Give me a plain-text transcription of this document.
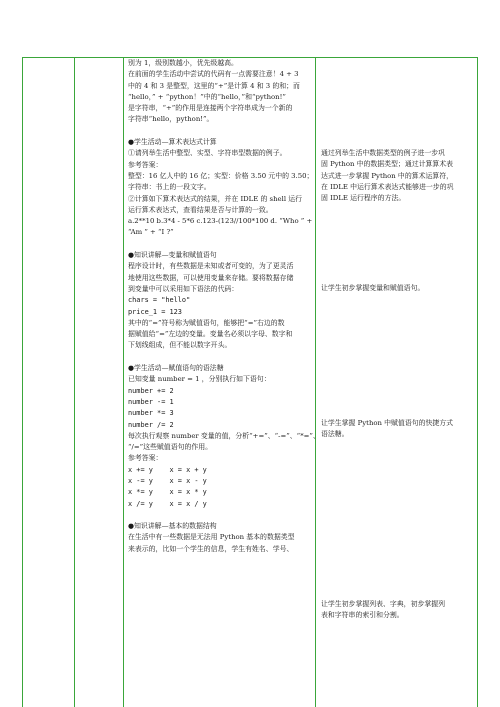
别为 1，级别数越小，优先级越高。

在前面的学生活动中尝试的代码有一点需要注意！4 + 3

中的 4 和 3 是整型，这里的“+”是计算 4 和 3 的和；而

“hello，” + “python！”中的“hello，”和“python!”

是字符串，“+”的作用是连接两个字符串成为一个新的

字符串“hello，python!”。

●学生活动—算术表达式计算

①请列举生活中整型、实型、字符串型数据的例子。

参考答案：

整型：16 亿人中的 16 亿；实型：价格 3.50 元中的 3.50；

字符串：书上的一段文字。

②计算如下算术表达式的结果，并在 IDLE 的 shell 运行

运行算术表达式，查看结果是否与计算的一致。

a.2**10 b.3*4 - 5*6 c.123-(123//100*100 d. “Who ” +

“Am ” + “I ?”

●知识讲解—变量和赋值语句

程序设计时，有些数据是未知或者可变的，为了更灵活

地使用这些数据，可以使用变量来存储。要将数据存储

到变量中可以采用如下语法的代码：

chars = "hello"

price_1 = 123

其中的“=”符号称为赋值语句，能够把“=”右边的数

据赋值给“=”左边的变量。变量名必须以字母、数字和

下划线组成，但不能以数字开头。

●学生活动—赋值语句的语法糖

已知变量 number = 1 ，分别执行如下语句：

number += 2

number -= 1

number *= 3

number /= 2

每次执行观察 number 变量的值，分析“+=”、“-=”、“*=”、

“/=”这些赋值语句的作用。

参考答案：

x += y    x = x + y

x -= y    x = x - y

x *= y    x = x * y

x /= y    x = x / y

●知识讲解—基本的数据结构

在生活中有一些数据是无法用 Python 基本的数据类型

来表示的，比如一个学生的信息，学生有姓名、学号、

通过列举生活中数据类型的例子进一步巩
固 Python 中的数据类型；通过计算算术表
达式进一步掌握 Python 中的算术运算符，
在 IDLE 中运行算术表达式能够进一步的巩
固 IDLE 运行程序的方法。
让学生初步掌握变量和赋值语句。
让学生掌握 Python 中赋值语句的快捷方式
语法糖。
让学生初步掌握列表、字典，初步掌握列
表和字符串的索引和分割。
